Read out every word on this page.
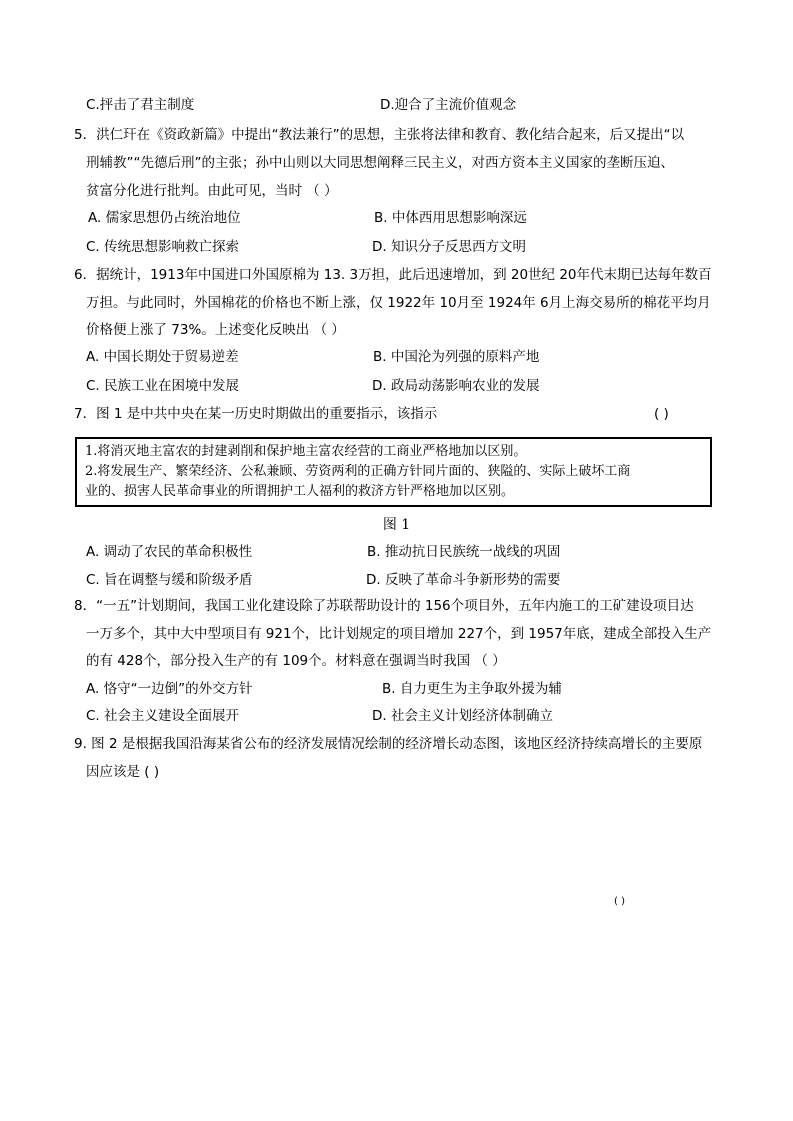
C.抨击了君主制度	D.迎合了主流价值观念
5．洪仁玕在《资政新篇》中提出“教法兼行”的思想，主张将法律和教育、教化结合起来，后又提出“以
刑辅教”“先德后刑”的主张；孙中山则以大同思想阐释三民主义，对西方资本主义国家的垄断压迫、
贫富分化进行批判。由此可见，当时 （ ）
A. 儒家思想仍占统治地位	B. 中体西用思想影响深远
C. 传统思想影响救亡探索	D. 知识分子反思西方文明
6．据统计，1913年中国进口外国原棉为 13. 3万担，此后迅速增加，到 20世纪 20年代末期已达每年数百
万担。与此同时，外国棉花的价格也不断上涨，仅 1922年 10月至 1924年 6月上海交易所的棉花平均月
价格便上涨了 73%。上述变化反映出 （ ）
A. 中国长期处于贸易逆差	B. 中国沦为列强的原料产地
C. 民族工业在困境中发展	D. 政局动荡影响农业的发展
7．图 1 是中共中央在某一历史时期做出的重要指示，该指示	( )
1.将消灭地主富农的封建剥削和保护地主富农经营的工商业严格地加以区别。
2.将发展生产、繁荣经济、公私兼顾、劳资两利的正确方针同片面的、狭隘的、实际上破坏工商
业的、损害人民革命事业的所谓拥护工人福利的救济方针严格地加以区别。
图 1
A. 调动了农民的革命积极性	B. 推动抗日民族统一战线的巩固
C. 旨在调整与缓和阶级矛盾	D. 反映了革命斗争新形势的需要
8．“一五”计划期间，我国工业化建设除了苏联帮助设计的 156个项目外，五年内施工的工矿建设项目达
一万多个，其中大中型项目有 921个，比计划规定的项目增加 227个，到 1957年底，建成全部投入生产
的有 428个，部分投入生产的有 109个。材料意在强调当时我国 （ ）
A. 恪守“一边倒”的外交方针	B. 自力更生为主争取外援为辅
C. 社会主义建设全面展开	D. 社会主义计划经济体制确立
9. 图 2 是根据我国沿海某省公布的经济发展情况绘制的经济增长动态图，该地区经济持续高增长的主要原
因应该是 ( )
( )
